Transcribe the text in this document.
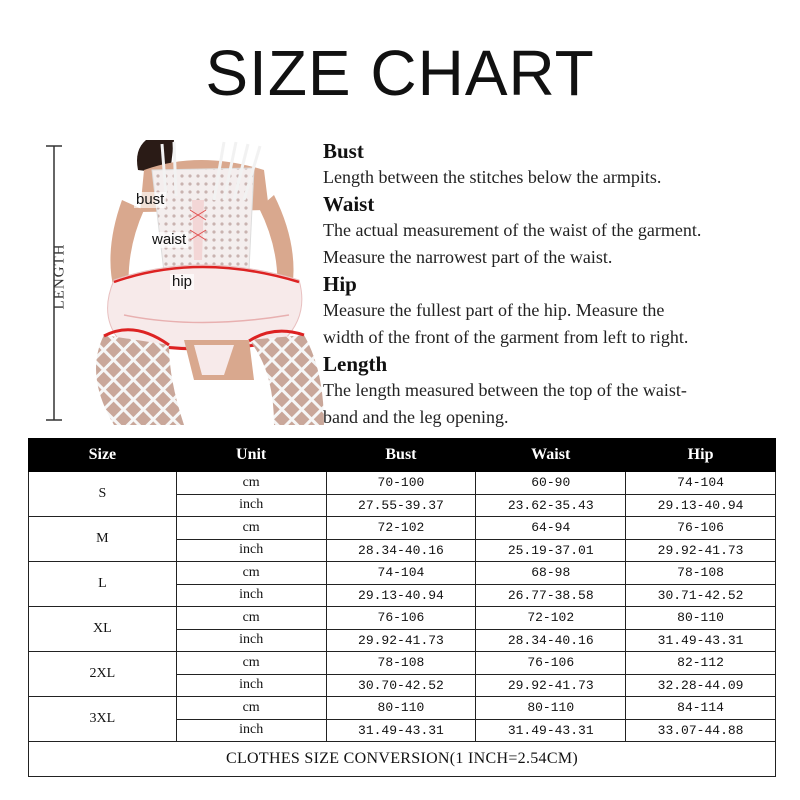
SIZE CHART
LENGTH
bust
waist
hip
Bust

Length between the stitches below the armpits.

Waist

The actual measurement of the waist of the garment.

Measure the narrowest part of the waist.

Hip

Measure the fullest part of the hip. Measure the

width of the front of the garment from left to right.

Length

The length measured between the top of the waist-

band and the leg opening.

Size	Unit	Bust	Waist	Hip
S	cm	70-100	60-90	74-104
	inch	27.55-39.37	23.62-35.43	29.13-40.94
M	cm	72-102	64-94	76-106
	inch	28.34-40.16	25.19-37.01	29.92-41.73
L	cm	74-104	68-98	78-108
	inch	29.13-40.94	26.77-38.58	30.71-42.52
XL	cm	76-106	72-102	80-110
	inch	29.92-41.73	28.34-40.16	31.49-43.31
2XL	cm	78-108	76-106	82-112
	inch	30.70-42.52	29.92-41.73	32.28-44.09
3XL	cm	80-110	80-110	84-114
	inch	31.49-43.31	31.49-43.31	33.07-44.88
CLOTHES SIZE CONVERSION(1 INCH=2.54CM)				
